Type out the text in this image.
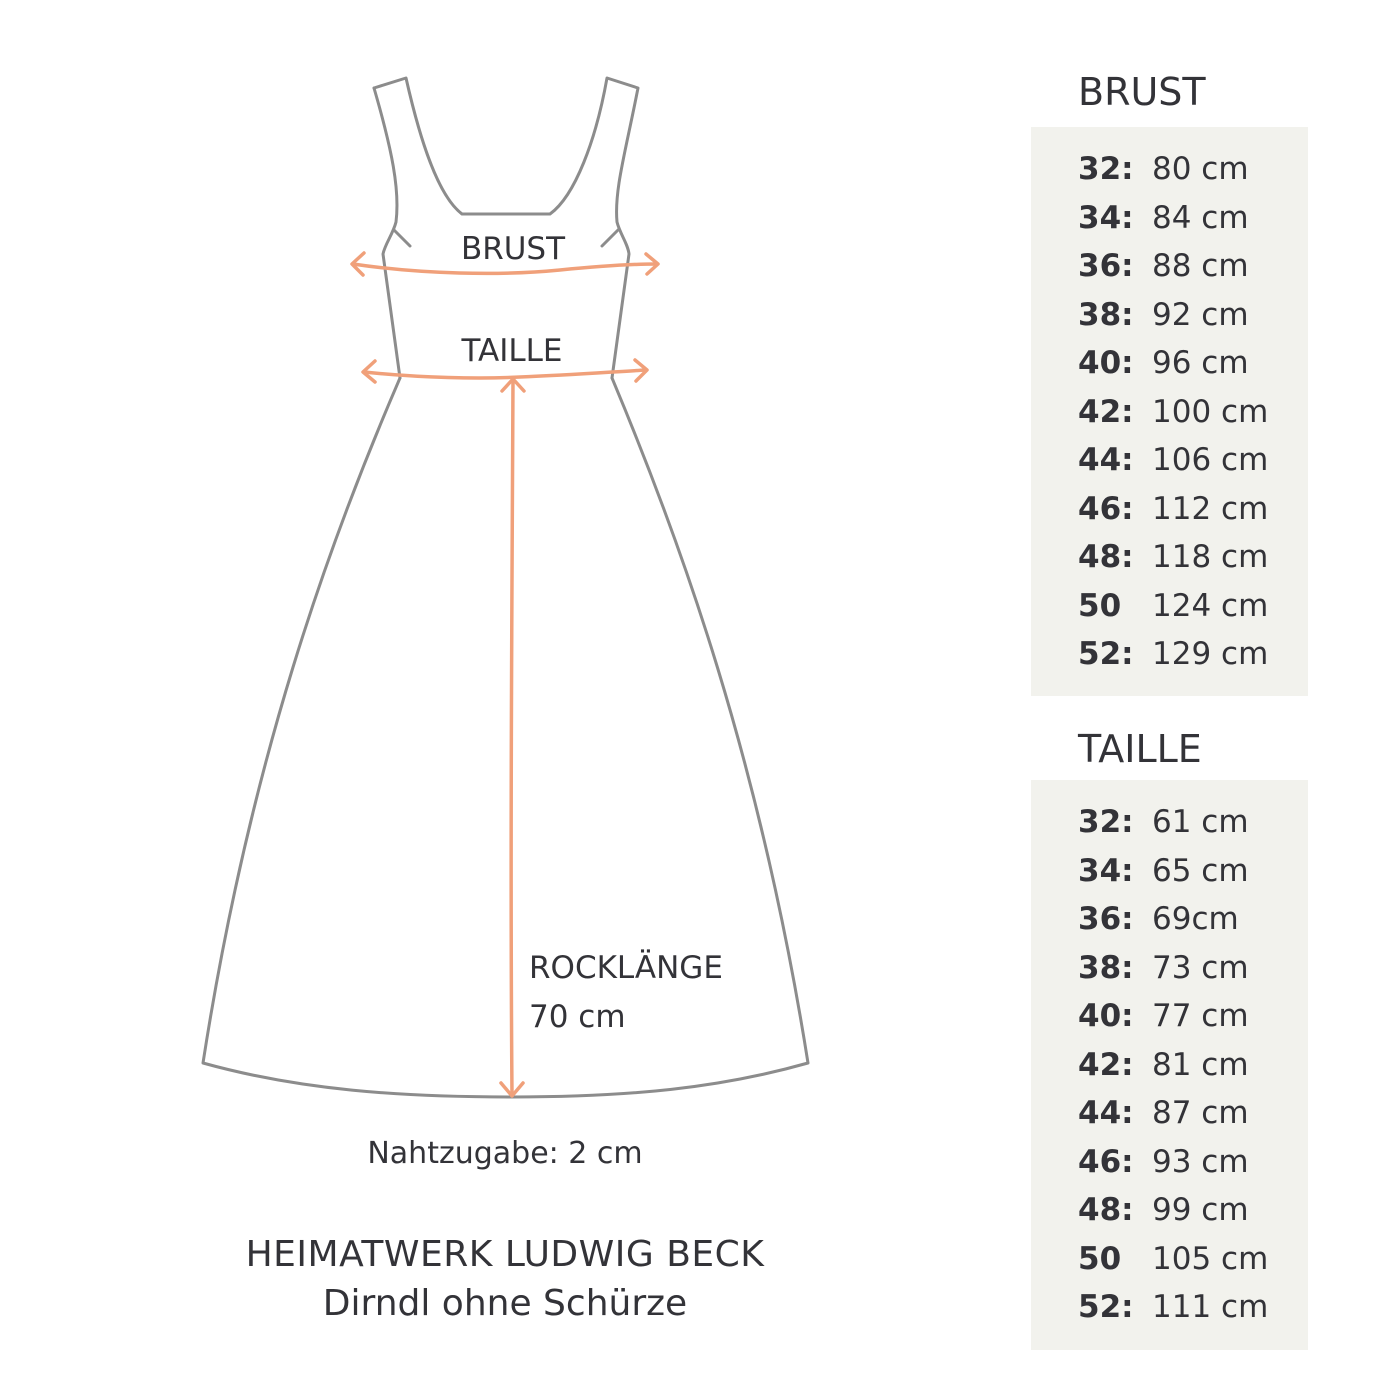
BRUST
TAILLE
ROCKLÄNGE
70 cm
Nahtzugabe: 2 cm
HEIMATWERK LUDWIG BECK
Dirndl ohne Schürze
BRUST
32: 80 cm
34: 84 cm
36: 88 cm
38: 92 cm
40: 96 cm
42: 100 cm
44: 106 cm
46: 112 cm
48: 118 cm
50 124 cm
52: 129 cm
TAILLE
32: 61 cm
34: 65 cm
36: 69cm
38: 73 cm
40: 77 cm
42: 81 cm
44: 87 cm
46: 93 cm
48: 99 cm
50 105 cm
52: 111 cm
